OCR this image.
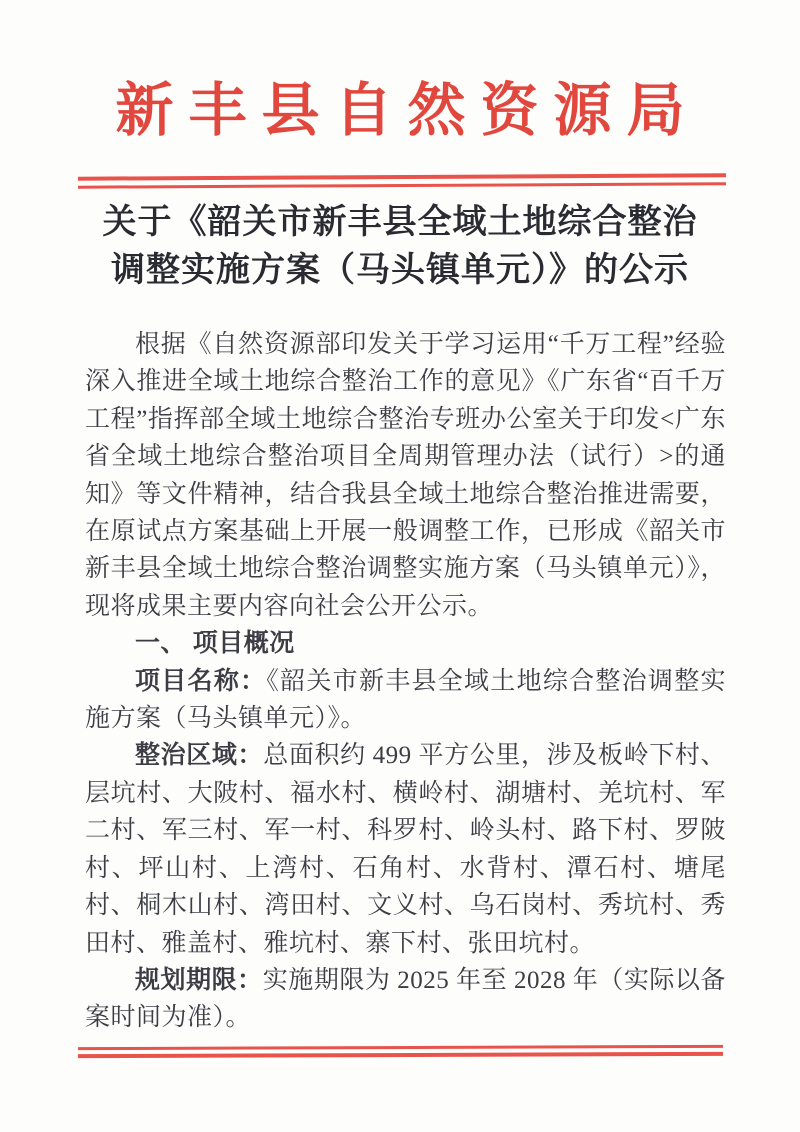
新丰县自然资源局
关于《韶关市新丰县全域土地综合整治
调整实施方案（马头镇单元）》的公示

根据《自然资源部印发关于学习运用“千万工程”经验深入推进全域土地综合整治工作的意见》《广东省“百千万工程”指挥部全域土地综合整治专班办公室关于印发<广东省全域土地综合整治项目全周期管理办法（试行）>的通知》等文件精神，结合我县全域土地综合整治推进需要，在原试点方案基础上开展一般调整工作，已形成《韶关市新丰县全域土地综合整治调整实施方案（马头镇单元）》，现将成果主要内容向社会公开公示。

一、 项目概况

项目名称：《韶关市新丰县全域土地综合整治调整实施方案（马头镇单元）》。

整治区域：总面积约 499 平方公里，涉及板岭下村、层坑村、大陂村、福水村、横岭村、湖塘村、羌坑村、军二村、军三村、军一村、科罗村、岭头村、路下村、罗陂村、坪山村、上湾村、石角村、水背村、潭石村、塘尾村、桐木山村、湾田村、文义村、乌石岗村、秀坑村、秀田村、雅盖村、雅坑村、寨下村、张田坑村。

规划期限：实施期限为 2025 年至 2028 年（实际以备案时间为准）。
